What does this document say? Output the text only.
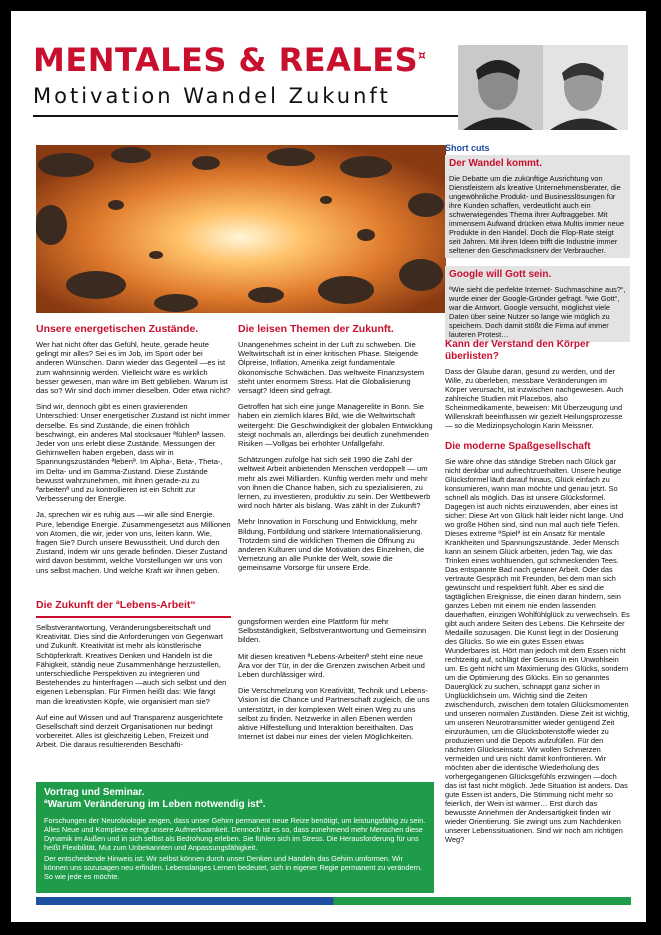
MENTALES & REALES¤
Motivation Wandel Zukunft
Unsere energetischen Zustände.

Wer hat nicht öfter das Gefühl, heute, gerade heute gelingt mir alles? Sei es im Job, im Sport oder bei anderen Wünschen. Dann wieder das Gegenteil —es ist zum wahnsinnig werden. Vielleicht wäre es wirklich besser gewesen, man wäre im Bett geblieben. Warum ist das so? Wir sind doch immer dieselben. Oder etwa nicht?

Sind wir, dennoch gibt es einen gravierenden Unterschied: Unser energetischer Zustand ist nicht immer derselbe. Es sind Zustände, die einen fröhlich beschwingt, ein anderes Mal stocksauer ªfühlenª lassen. Jeder von uns erlebt diese Zustände. Messungen der Gehirnwellen haben ergeben, dass wir in Spannungszuständen ªlebenª. Im Alpha-, Beta-, Theta-, im Delta- und im Gamma-Zustand. Diese Zustände bewusst wahrzunehmen, mit ihnen gerade-zu zu ªarbeitenª und zu kontrollieren ist ein Schritt zur Verbesserung der Energie.

Ja, sprechen wir es ruhig aus —wir alle sind Energie. Pure, lebendige Energie. Zusammengesetzt aus Millionen von Atomen, die wir, jeder von uns, leiten kann. Wie, fragen Sie? Durch unsere Bewusstheit. Und durch den Zustand, indem wir uns gerade befinden. Dieser Zustand wird davon bestimmt, welche Vorstellungen wir uns von uns selbst machen. Und welche Kraft wir ihnen geben.

Die leisen Themen der Zukunft.

Unangenehmes scheint in der Luft zu schweben. Die Weltwirtschaft ist in einer kritischen Phase. Steigende Ölpreise, Inflation, Amerika zeigt fundamentale ökonomische Schwächen. Das weltweite Finanzsystem steht unter enormem Stress. Hat die Globalisierung versagt? Ideen sind gefragt.

Getroffen hat sich eine junge Managerelite in Bonn. Sie haben ein ziemlich klares Bild, wie die Weltwirtschaft weitergeht: Die Geschwindigkeit der globalen Entwicklung steigt nochmals an, allerdings bei deutlich zunehmenden Risiken —Vollgas bei erhöhter Unfallgefahr.

Schätzungen zufolge hat sich seit 1990 die Zahl der weltweit Arbeit anbietenden Menschen verdoppelt — um mehr als zwei Milliarden. Künftig werden mehr und mehr von ihnen die Chance haben, sich zu spezialisieren, zu lernen, zu investieren, produktiv zu sein. Der Wettbewerb wird noch härter als bislang. Was zählt in der Zukunft?

Mehr Innovation in Forschung und Entwicklung, mehr Bildung, Fortbildung und stärkere Internationalisierung. Trotzdem sind die wirklichen Themen die Öffnung zu anderen Kulturen und die Motivation des Einzelnen, die Vernetzung an alle Punkte der Welt, sowie die gemeinsame Vorsorge für unsere Erde.

Die Zukunft der ªLebens-Arbeit“

Selbstverantwortung, Veränderungsbereitschaft und Kreativität. Dies sind die Anforderungen von Gegenwart und Zukunft. Kreativität ist mehr als künstlerische Schöpferkraft. Kreatives Denken und Handeln ist die Fähigkeit, ständig neue Zusammenhänge herzustellen, unterschiedliche Perspektiven zu integrieren und Bestehendes zu hinterfragen —auch sich selbst und den eigenen Lebensplan. Für Firmen heißt das: Wie fängt man die kreativsten Köpfe, wie organisiert man sie?

Auf eine auf Wissen und auf Transparenz ausgerichtete Gesellschaft sind derzeit Organisationen nur bedingt vorbereitet. Alles ist gleichzeitig Leben, Freizeit und Arbeit. Die daraus resultierenden Beschäfti-

gungsformen werden eine Plattform für mehr Selbstständigkeit, Selbstverantwortung und Gemeinsinn bilden.

Mit diesen kreativen ªLebens-Arbeitenª steht eine neue Ära vor der Tür, in der die Grenzen zwischen Arbeit und Leben durchlässiger wird.

Die Verschmelzung von Kreativität, Technik und Lebens-Vision ist die Chance und Partnerschaft zugleich, die uns unterstützt, in der komplexen Welt einen Weg zu uns selbst zu finden. Netzwerke in allen Ebenen werden aktive Hilfestellung und Interaktion bereithalten. Das Internet ist dabei nur eines der vielen Möglichkeiten.

Vortrag und Seminar.
ªWarum Veränderung im Leben notwendig istª.

Forschungen der Neurobiologie zeigen, dass unser Gehirn permanent neue Reize benötigt, um leistungsfähig zu sein. Alles Neue und Komplexe erregt unsere Aufmerksamkeit. Dennoch ist es so, dass zunehmend mehr Menschen diese Dynamik im Außen und in sich selbst als Bedrohung erleben. Sie fühlen sich im Stress. Die Herausforderung für uns heißt Flexibilität, Mut zum Unbekannten und Anpassungsfähigkeit.

Der entscheidende Hinweis ist: Wir selbst können durch unser Denken und Handeln das Gehirn umformen. Wir können uns sozusagen neu erfinden. Lebenslanges Lernen bedeutet, sich in eigener Regie permanent zu verändern. So wie jede es möchte.

Short cuts
Der Wandel kommt.

Die Debatte um die zukünftige Ausrichtung von Dienstleistern als kreative Unternehmensberater, die ungewöhnliche Produkt- und Businesslösungen für ihre Kunden schaffen, verdeutlicht auch ein schwerwiegendes Thema ihrer Auftraggeber. Mit immensem Aufwand drücken etwa Multis immer neue Produkte in den Handel. Doch die Flop-Rate steigt seit Jahren. Mit ihren Ideen trifft die Industrie immer seltener den Geschmacksnerv der Verbraucher.

Google will Gott sein.

ªWie sieht die perfekte Internet- Suchmaschine aus?“, wurde einer der Google-Gründer gefragt. ªwie Gott“, war die Antwort. Google versucht, möglichst viele Daten über seine Nutzer so lange wie möglich zu speichern. Doch damit stößt die Firma auf immer lauteren Protest…

Kann der Verstand den Körper überlisten?

Dass der Glaube daran, gesund zu werden, und der Wille, zu überleben, messbare Veränderungen im Körper verursacht, ist inzwischen nachgewiesen. Auch zahlreiche Studien mit Placebos, also Scheinmedikamente, beweisen: Mit Überzeugung und Willenskraft beeinflussen wir gezielt Heilungsprozesse — so die Medizinpsychologin Karin Meissner.

Die moderne Spaßgesellschaft

Sie wäre ohne das ständige Streben nach Glück gar nicht denkbar und aufrechtzuerhalten. Unsere heutige Glücksformel läuft darauf hinaus, Glück einfach zu konsumieren, wann man möchte und genau jetzt. So schnell als möglich. Das ist unsere Glücksformel. Dagegen ist auch nichts einzuwenden, aber eines ist sicher: Diese Art von Glück hält leider nicht lange. Und wo große Höhen sind, sind nun mal auch tiefe Tiefen. Dieses extreme ªSpielª ist ein Ansatz für mentale Krankheiten und Spannungszustände. Jeder Mensch kann an seinem Glück arbeiten, jeden Tag, wie das Trinken eines wohltuenden, gut schmeckenden Tees. Das entspannte Bad nach getaner Arbeit. Oder das vertraute Gespräch mit Freunden, bei dem man sich gewünscht und respektiert fühlt. Aber es sind die tagtäglichen Ereignisse, die einen daran hindern, sein ganzes Leben mit einem nie enden lassenden dauerhaften, einzigen Wohlfühlglück zu verwechseln. Es gibt auch andere Seiten des Lebens. Die Kehrseite der Medaille sozusagen. Die Kunst liegt in der Dosierung des Glücks. So wie ein gutes Essen etwas Wunderbares ist. Hört man jedoch mit dem Essen nicht rechtzeitig auf, schlägt der Genuss in ein Unwohlsein um. Es geht nicht um Maximierung des Glücks, sondern um die Optimierung des Glücks. Ein so genanntes Dauerglück zu suchen, schnappt ganz sicher in Unglücklichsein um. Wichtig sind die Zeiten zwischendurch, zwischen dem totalen Glücksmomenten und unseren normalen Zuständen. Diese Zeit ist wichtig, um unseren Neurotransmitter wieder genügend Zeit einzuräumen, um die Glücksbotenstoffe wieder zu produzieren und die Depots aufzufüllen. Für den nächsten Glückseinsatz. Wir wollen Schmerzen vermeiden und uns nicht damit konfrontieren. Wir möchten aber die identische Wiederholung des vorhergegangenen Glücksgefühls erzwingen —doch das ist fast nicht möglich. Jede Situation ist anders. Das gute Essen ist anders, Die Stimmung nicht mehr so feierlich, der Wein ist wärmer… Erst durch das bewusste Annehmen der Andersartigkeit finden wir wieder Orientierung. Sie zwingt uns zum Nachdenken unserer Lebenssituationen. Sind wir noch am richtigen Weg?
